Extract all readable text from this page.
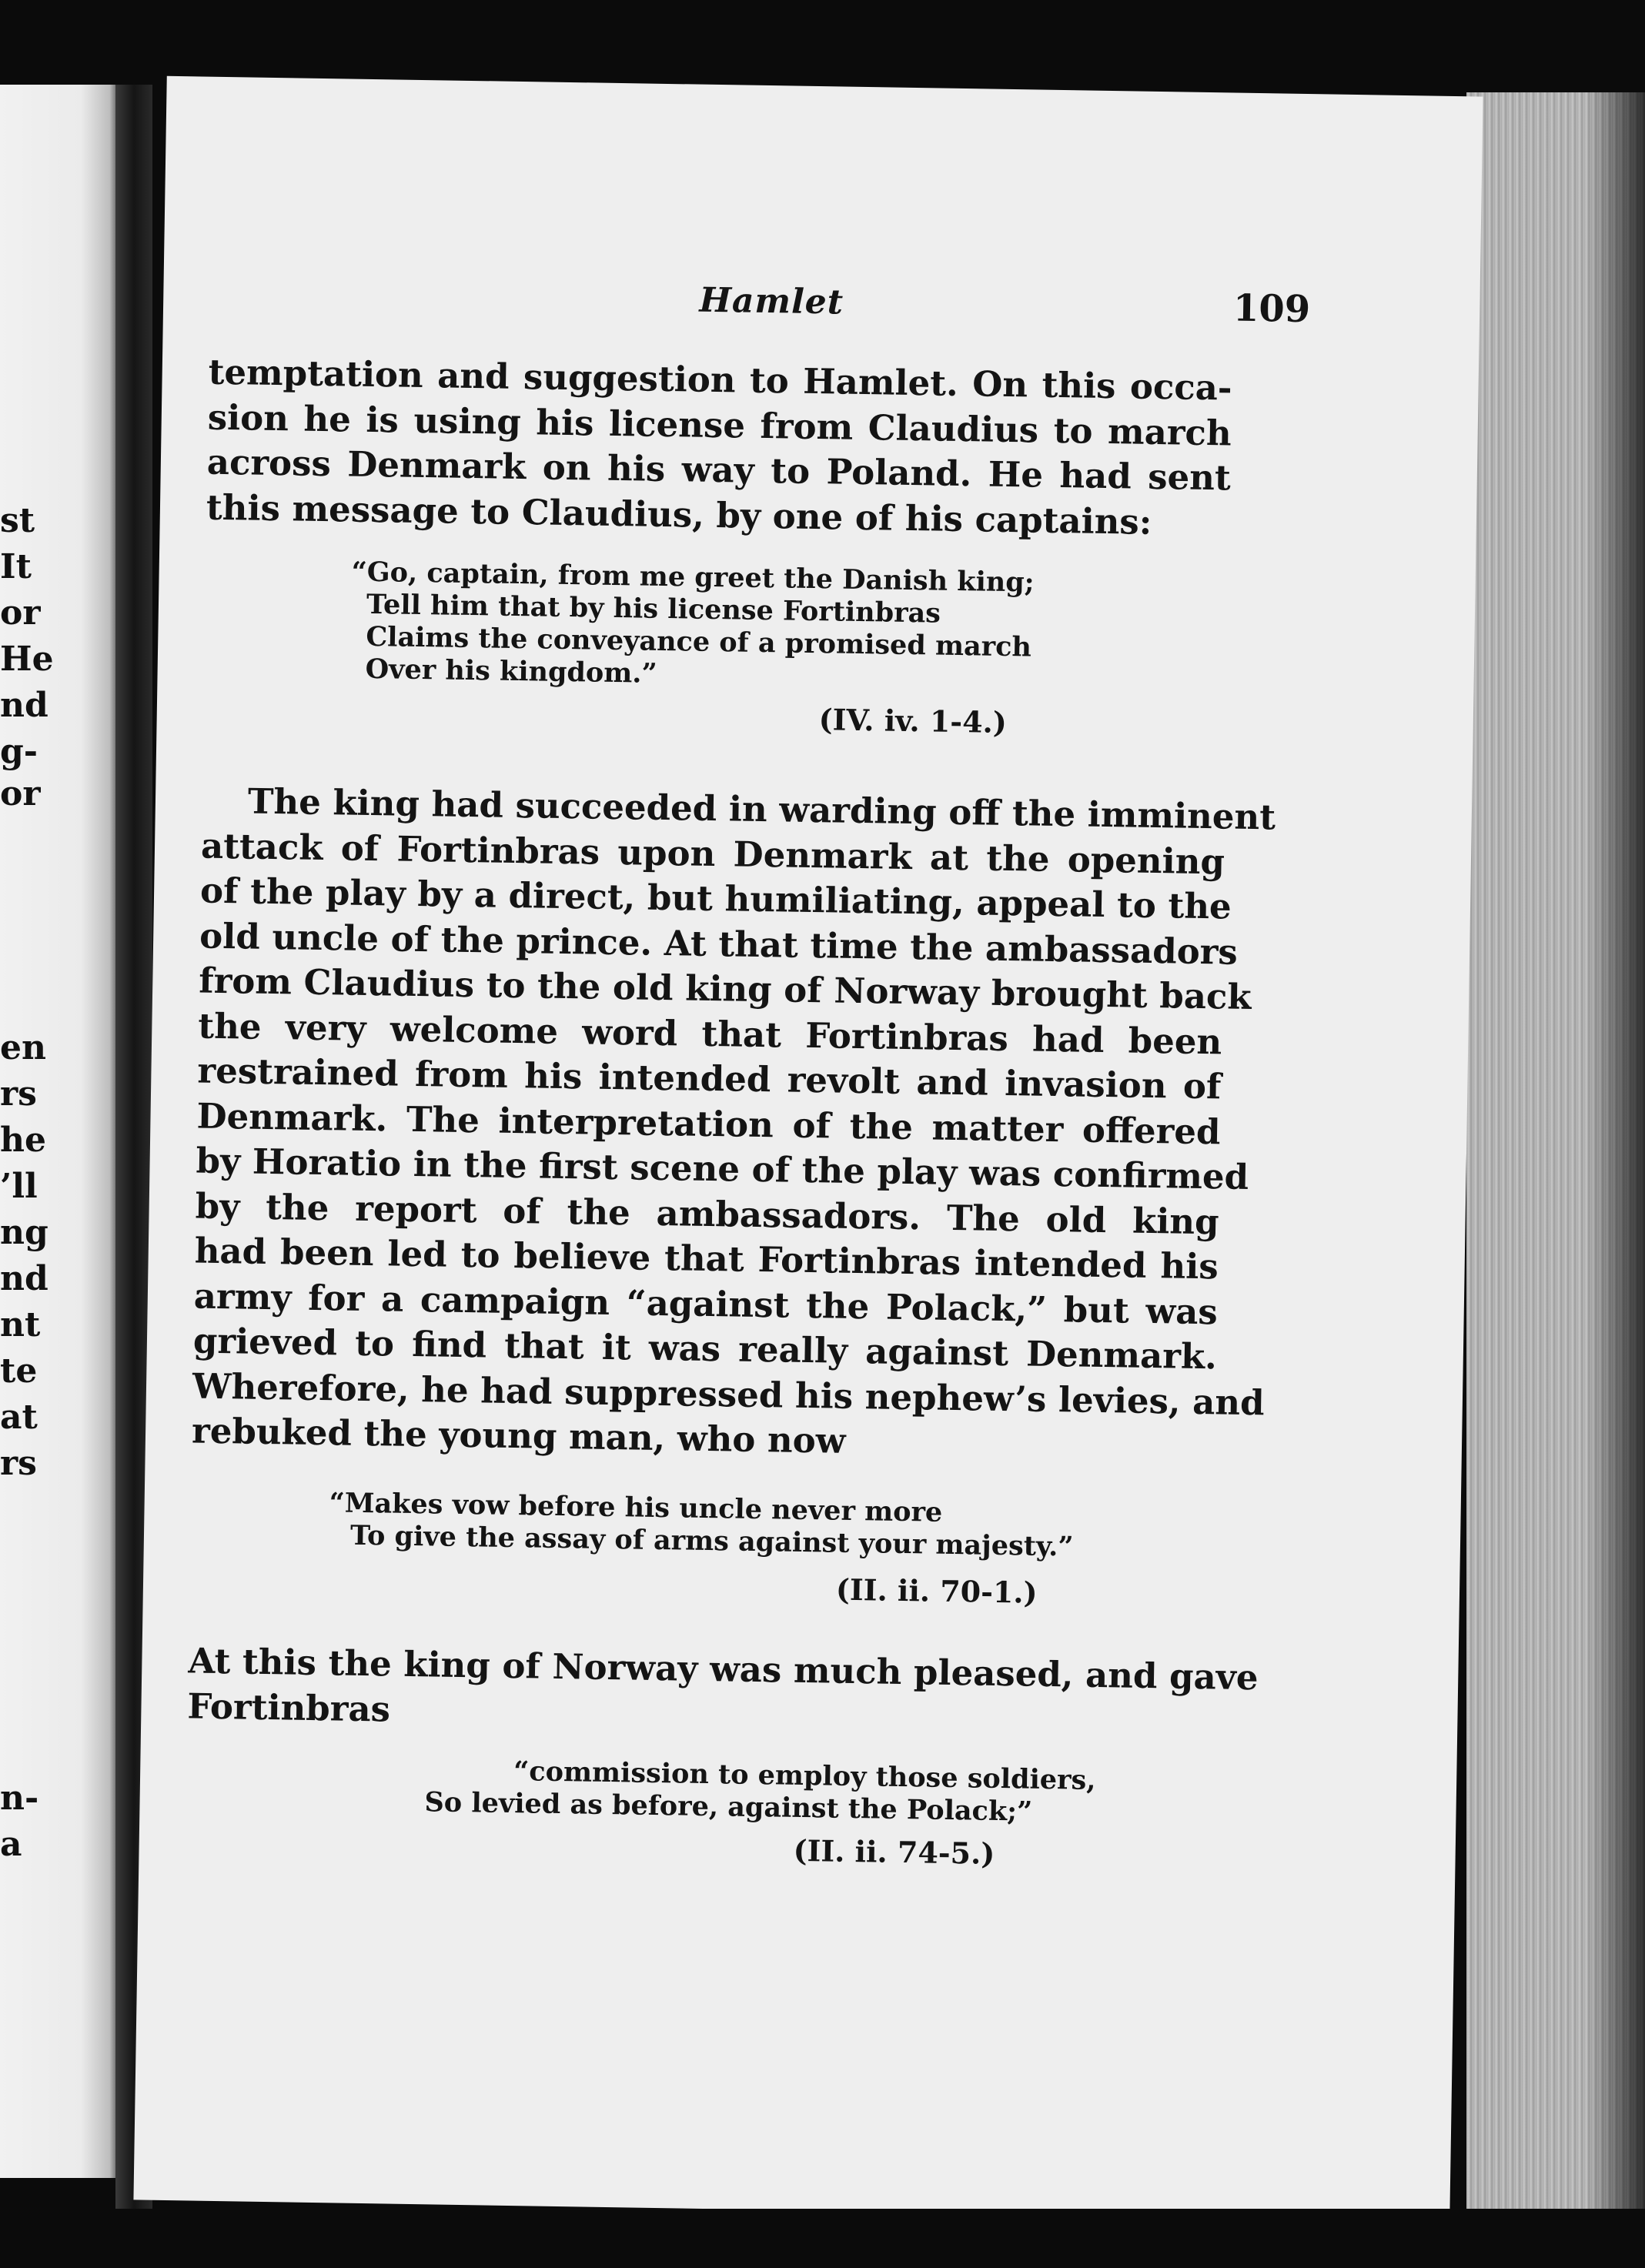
st
It
or
He
nd
g-
or
en
rs
he
’ll
ng
nd
nt
te
at
rs
n-
a
Hamlet	109
temptation and suggestion to Hamlet. On this occa-
sion he is using his license from Claudius to march
across Denmark on his way to Poland. He had sent
this message to Claudius, by one of his captains:
“Go, captain, from me greet the Danish king;
Tell him that by his license Fortinbras
Claims the conveyance of a promised march
Over his kingdom.”
(IV. iv. 1-4.)
The king had succeeded in warding off the imminent
attack of Fortinbras upon Denmark at the opening
of the play by a direct, but humiliating, appeal to the
old uncle of the prince. At that time the ambassadors
from Claudius to the old king of Norway brought back
the very welcome word that Fortinbras had been
restrained from his intended revolt and invasion of
Denmark. The interpretation of the matter offered
by Horatio in the first scene of the play was confirmed
by the report of the ambassadors. The old king
had been led to believe that Fortinbras intended his
army for a campaign “against the Polack,” but was
grieved to find that it was really against Denmark.
Wherefore, he had suppressed his nephew’s levies, and
rebuked the young man, who now
“Makes vow before his uncle never more
To give the assay of arms against your majesty.”
(II. ii. 70-1.)
At this the king of Norway was much pleased, and gave
Fortinbras
“commission to employ those soldiers,
So levied as before, against the Polack;”
(II. ii. 74-5.)
